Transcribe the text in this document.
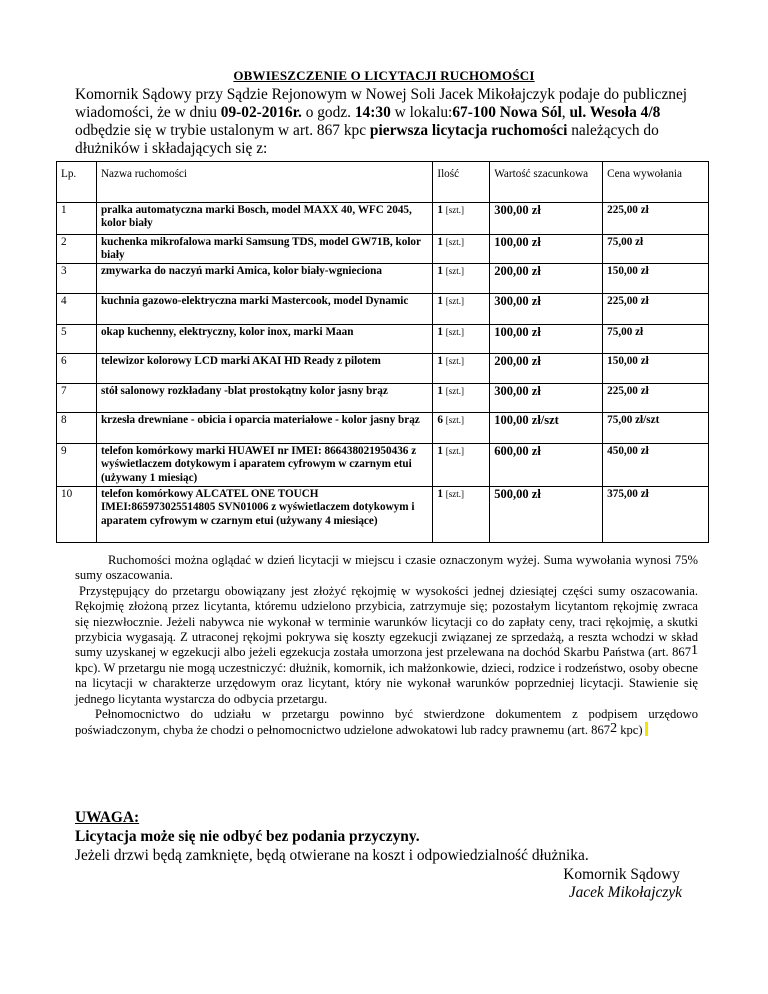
OBWIESZCZENIE O LICYTACJI RUCHOMOŚCI
Komornik Sądowy przy Sądzie Rejonowym w Nowej Soli Jacek Mikołajczyk podaje do publicznej wiadomości, że w dniu 09-02-2016r. o godz. 14:30 w lokalu:67-100 Nowa Sól, ul. Wesoła 4/8 odbędzie się w trybie ustalonym w art. 867 kpc pierwsza licytacja ruchomości należących do dłużników i składających się z:
Lp.	Nazwa ruchomości	Ilość	Wartość szacunkowa	Cena wywołania
1	pralka automatyczna marki Bosch, model MAXX 40, WFC 2045, kolor biały	1 [szt.]	300,00 zł	225,00 zł
2	kuchenka mikrofalowa marki Samsung TDS, model GW71B, kolor biały	1 [szt.]	100,00 zł	75,00 zł
3	zmywarka do naczyń marki Amica, kolor biały-wgnieciona	1 [szt.]	200,00 zł	150,00 zł
4	kuchnia gazowo-elektryczna marki Mastercook, model Dynamic	1 [szt.]	300,00 zł	225,00 zł
5	okap kuchenny, elektryczny, kolor inox, marki Maan	1 [szt.]	100,00 zł	75,00 zł
6	telewizor kolorowy LCD marki AKAI HD Ready z pilotem	1 [szt.]	200,00 zł	150,00 zł
7	stół salonowy rozkładany -blat prostokątny kolor jasny brąz	1 [szt.]	300,00 zł	225,00 zł
8	krzesła drewniane - obicia i oparcia materiałowe - kolor jasny brąz	6 [szt.]	100,00 zł/szt	75,00 zł/szt
9	telefon komórkowy marki HUAWEI nr IMEI: 866438021950436 z wyświetlaczem dotykowym i aparatem cyfrowym w czarnym etui (używany 1 miesiąc)	1 [szt.]	600,00 zł	450,00 zł
10	telefon komórkowy ALCATEL ONE TOUCH IMEI:865973025514805 SVN01006 z wyświetlaczem dotykowym i aparatem cyfrowym w czarnym etui (używany 4 miesiące)	1 [szt.]	500,00 zł	375,00 zł

Ruchomości można oglądać w dzień licytacji w miejscu i czasie oznaczonym wyżej. Suma wywołania wynosi 75% sumy oszacowania.

Przystępujący do przetargu obowiązany jest złożyć rękojmię w wysokości jednej dziesiątej części sumy oszacowania. Rękojmię złożoną przez licytanta, któremu udzielono przybicia, zatrzymuje się; pozostałym licytantom rękojmię zwraca się niezwłocznie. Jeżeli nabywca nie wykonał w terminie warunków licytacji co do zapłaty ceny, traci rękojmię, a skutki przybicia wygasają. Z utraconej rękojmi pokrywa się koszty egzekucji związanej ze sprzedażą, a reszta wchodzi w skład sumy uzyskanej w egzekucji albo jeżeli egzekucja została umorzona jest przelewana na dochód Skarbu Państwa (art. $867^1$ kpc). W przetargu nie mogą uczestniczyć: dłużnik, komornik, ich małżonkowie, dzieci, rodzice i rodzeństwo, osoby obecne na licytacji w charakterze urzędowym oraz licytant, który nie wykonał warunków poprzedniej licytacji. Stawienie się jednego licytanta wystarcza do odbycia przetargu.

Pełnomocnictwo do udziału w przetargu powinno być stwierdzone dokumentem z podpisem urzędowo poświadczonym, chyba że chodzi o pełnomocnictwo udzielone adwokatowi lub radcy prawnemu (art. $867^2$ kpc)

UWAGA:
Licytacja może się nie odbyć bez podania przyczyny.
Jeżeli drzwi będą zamknięte, będą otwierane na koszt i odpowiedzialność dłużnika.
Komornik Sądowy
Jacek Mikołajczyk
